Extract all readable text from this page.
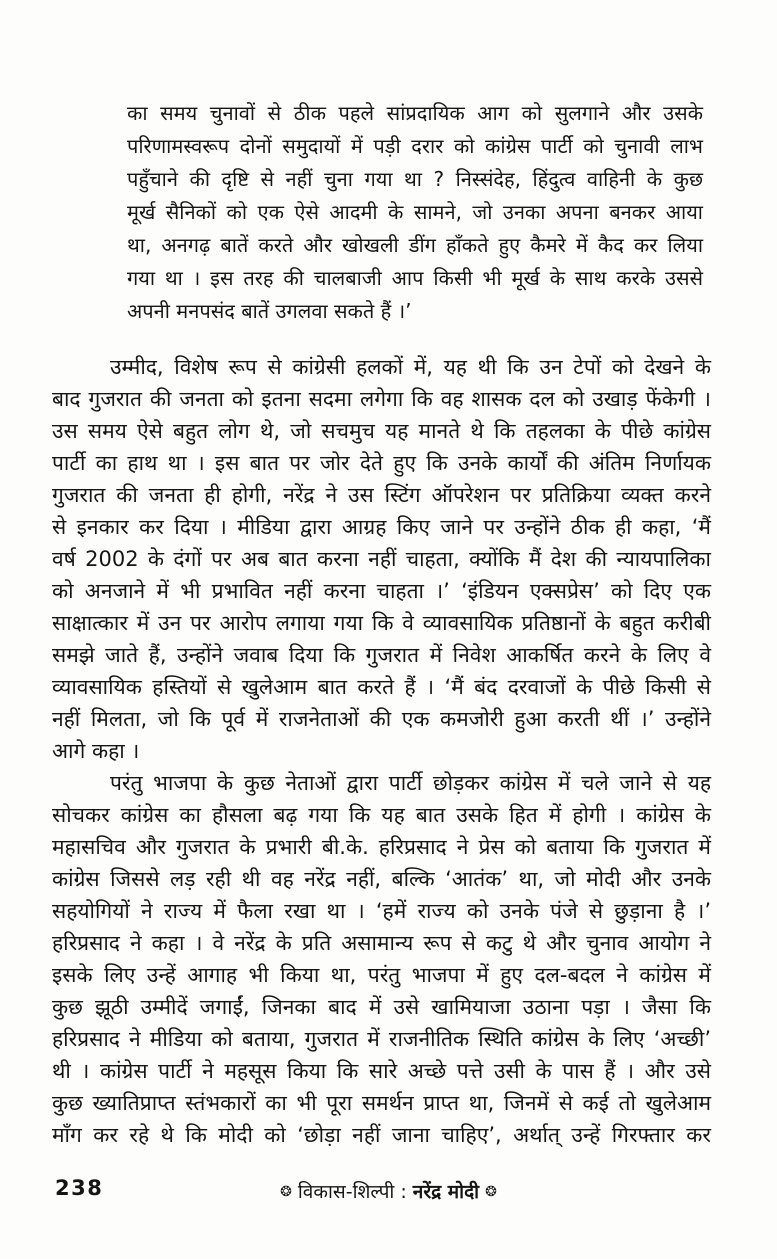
का समय चुनावों से ठीक पहले सांप्रदायिक आग को सुलगाने और उसके
परिणामस्वरूप दोनों समुदायों में पड़ी दरार को कांग्रेस पार्टी को चुनावी लाभ
पहुँचाने की दृष्टि से नहीं चुना गया था ? निस्संदेह, हिंदुत्व वाहिनी के कुछ
मूर्ख सैनिकों को एक ऐसे आदमी के सामने, जो उनका अपना बनकर आया
था, अनगढ़ बातें करते और खोखली डींग हाँकते हुए कैमरे में कैद कर लिया
गया था । इस तरह की चालबाजी आप किसी भी मूर्ख के साथ करके उससे
अपनी मनपसंद बातें उगलवा सकते हैं ।’
उम्मीद, विशेष रूप से कांग्रेसी हलकों में, यह थी कि उन टेपों को देखने के
बाद गुजरात की जनता को इतना सदमा लगेगा कि वह शासक दल को उखाड़ फेंकेगी ।
उस समय ऐसे बहुत लोग थे, जो सचमुच यह मानते थे कि तहलका के पीछे कांग्रेस
पार्टी का हाथ था । इस बात पर जोर देते हुए कि उनके कार्यों की अंतिम निर्णायक
गुजरात की जनता ही होगी, नरेंद्र ने उस स्टिंग ऑपरेशन पर प्रतिक्रिया व्यक्त करने
से इनकार कर दिया । मीडिया द्वारा आग्रह किए जाने पर उन्होंने ठीक ही कहा, ‘मैं
वर्ष 2002 के दंगों पर अब बात करना नहीं चाहता, क्योंकि मैं देश की न्यायपालिका
को अनजाने में भी प्रभावित नहीं करना चाहता ।’ ‘इंडियन एक्सप्रेस’ को दिए एक
साक्षात्कार में उन पर आरोप लगाया गया कि वे व्यावसायिक प्रतिष्ठानों के बहुत करीबी
समझे जाते हैं, उन्होंने जवाब दिया कि गुजरात में निवेश आकर्षित करने के लिए वे
व्यावसायिक हस्तियों से खुलेआम बात करते हैं । ‘मैं बंद दरवाजों के पीछे किसी से
नहीं मिलता, जो कि पूर्व में राजनेताओं की एक कमजोरी हुआ करती थीं ।’ उन्होंने
आगे कहा ।
परंतु भाजपा के कुछ नेताओं द्वारा पार्टी छोड़कर कांग्रेस में चले जाने से यह
सोचकर कांग्रेस का हौसला बढ़ गया कि यह बात उसके हित में होगी । कांग्रेस के
महासचिव और गुजरात के प्रभारी बी.के. हरिप्रसाद ने प्रेस को बताया कि गुजरात में
कांग्रेस जिससे लड़ रही थी वह नरेंद्र नहीं, बल्कि ‘आतंक’ था, जो मोदी और उनके
सहयोगियों ने राज्य में फैला रखा था । ‘हमें राज्य को उनके पंजे से छुड़ाना है ।’
हरिप्रसाद ने कहा । वे नरेंद्र के प्रति असामान्य रूप से कटु थे और चुनाव आयोग ने
इसके लिए उन्हें आगाह भी किया था, परंतु भाजपा में हुए दल-बदल ने कांग्रेस में
कुछ झूठी उम्मीदें जगाईं, जिनका बाद में उसे खामियाजा उठाना पड़ा । जैसा कि
हरिप्रसाद ने मीडिया को बताया, गुजरात में राजनीतिक स्थिति कांग्रेस के लिए ‘अच्छी’
थी । कांग्रेस पार्टी ने महसूस किया कि सारे अच्छे पत्ते उसी के पास हैं । और उसे
कुछ ख्यातिप्राप्त स्तंभकारों का भी पूरा समर्थन प्राप्त था, जिनमें से कई तो खुलेआम
माँग कर रहे थे कि मोदी को ‘छोड़ा नहीं जाना चाहिए’, अर्थात् उन्हें गिरफ्तार कर
238	❂ विकास-शिल्पी : नरेंद्र मोदी ❂
